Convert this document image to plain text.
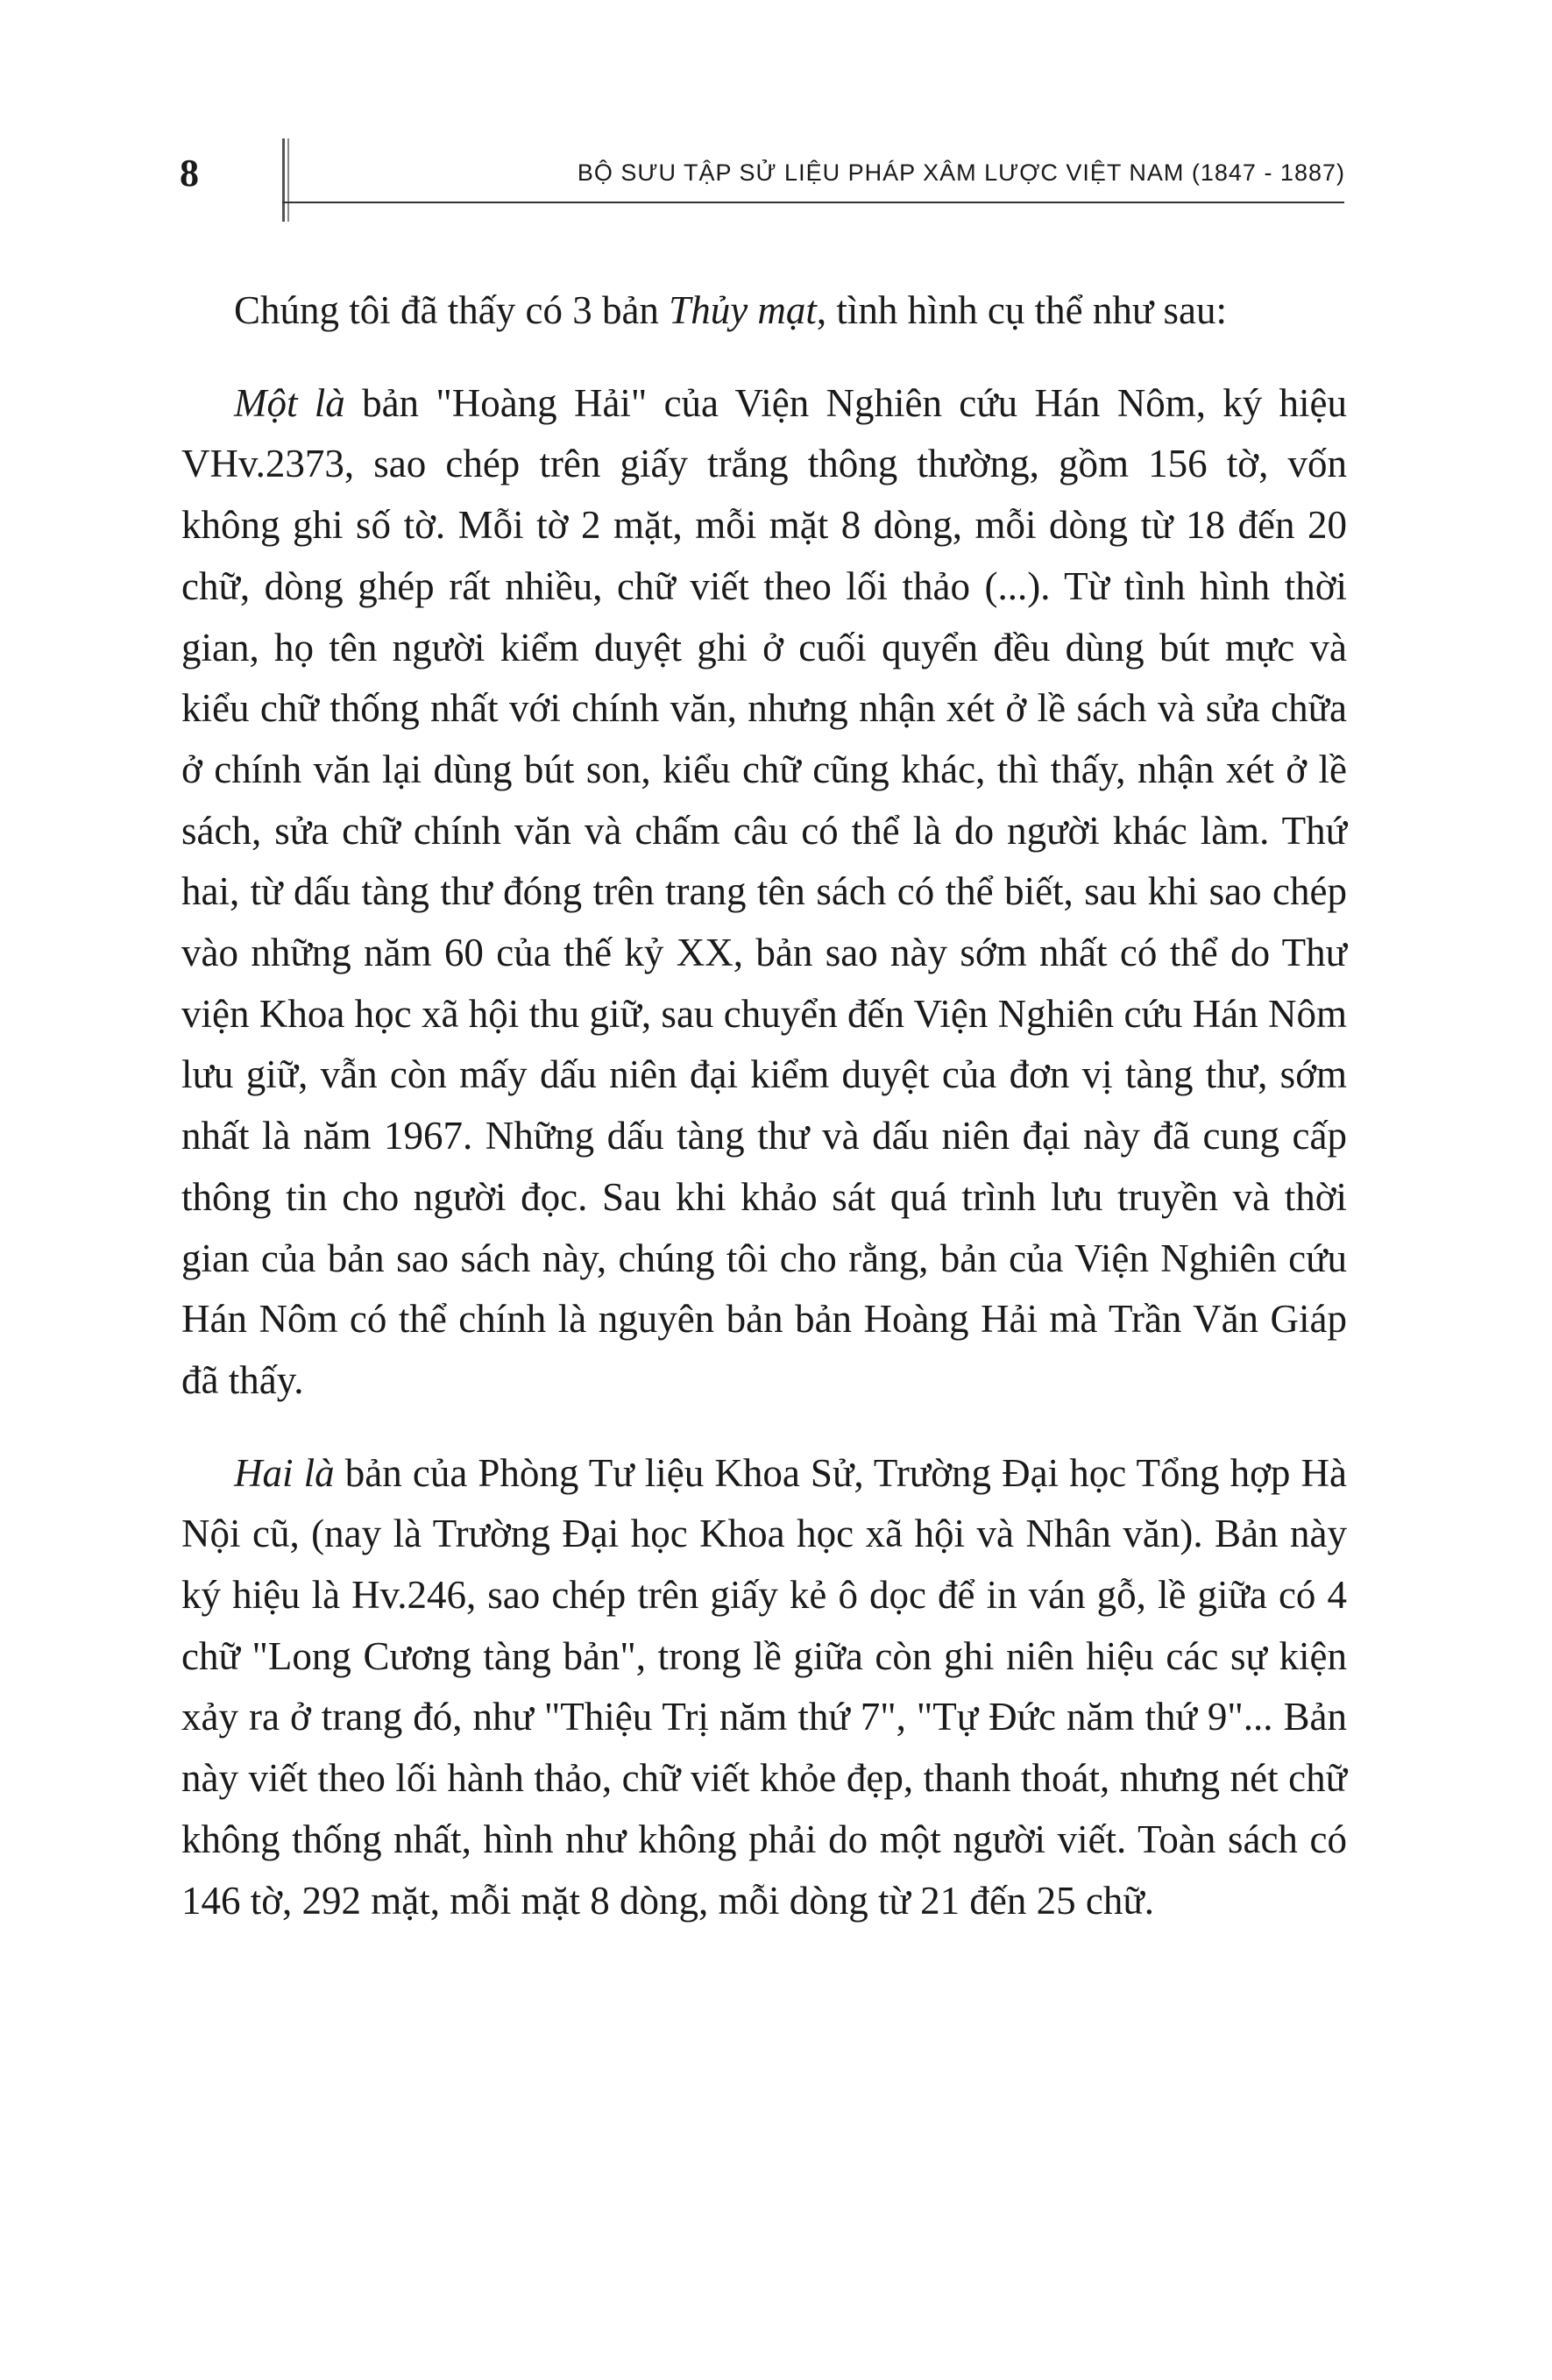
8	BỘ SƯU TẬP SỬ LIỆU PHÁP XÂM LƯỢC VIỆT NAM (1847 - 1887)

Chúng tôi đã thấy có 3 bản Thủy mạt, tình hình cụ thể như sau:

Một là bản "Hoàng Hải" của Viện Nghiên cứu Hán Nôm, ký hiệu VHv.2373, sao chép trên giấy trắng thông thường, gồm 156 tờ, vốn không ghi số tờ. Mỗi tờ 2 mặt, mỗi mặt 8 dòng, mỗi dòng từ 18 đến 20 chữ, dòng ghép rất nhiều, chữ viết theo lối thảo (...). Từ tình hình thời gian, họ tên người kiểm duyệt ghi ở cuối quyển đều dùng bút mực và kiểu chữ thống nhất với chính văn, nhưng nhận xét ở lề sách và sửa chữa ở chính văn lại dùng bút son, kiểu chữ cũng khác, thì thấy, nhận xét ở lề sách, sửa chữ chính văn và chấm câu có thể là do người khác làm. Thứ hai, từ dấu tàng thư đóng trên trang tên sách có thể biết, sau khi sao chép vào những năm 60 của thế kỷ XX, bản sao này sớm nhất có thể do Thư viện Khoa học xã hội thu giữ, sau chuyển đến Viện Nghiên cứu Hán Nôm lưu giữ, vẫn còn mấy dấu niên đại kiểm duyệt của đơn vị tàng thư, sớm nhất là năm 1967. Những dấu tàng thư và dấu niên đại này đã cung cấp thông tin cho người đọc. Sau khi khảo sát quá trình lưu truyền và thời gian của bản sao sách này, chúng tôi cho rằng, bản của Viện Nghiên cứu Hán Nôm có thể chính là nguyên bản bản Hoàng Hải mà Trần Văn Giáp đã thấy.

Hai là bản của Phòng Tư liệu Khoa Sử, Trường Đại học Tổng hợp Hà Nội cũ, (nay là Trường Đại học Khoa học xã hội và Nhân văn). Bản này ký hiệu là Hv.246, sao chép trên giấy kẻ ô dọc để in ván gỗ, lề giữa có 4 chữ "Long Cương tàng bản", trong lề giữa còn ghi niên hiệu các sự kiện xảy ra ở trang đó, như "Thiệu Trị năm thứ 7", "Tự Đức năm thứ 9"... Bản này viết theo lối hành thảo, chữ viết khỏe đẹp, thanh thoát, nhưng nét chữ không thống nhất, hình như không phải do một người viết. Toàn sách có 146 tờ, 292 mặt, mỗi mặt 8 dòng, mỗi dòng từ 21 đến 25 chữ.
